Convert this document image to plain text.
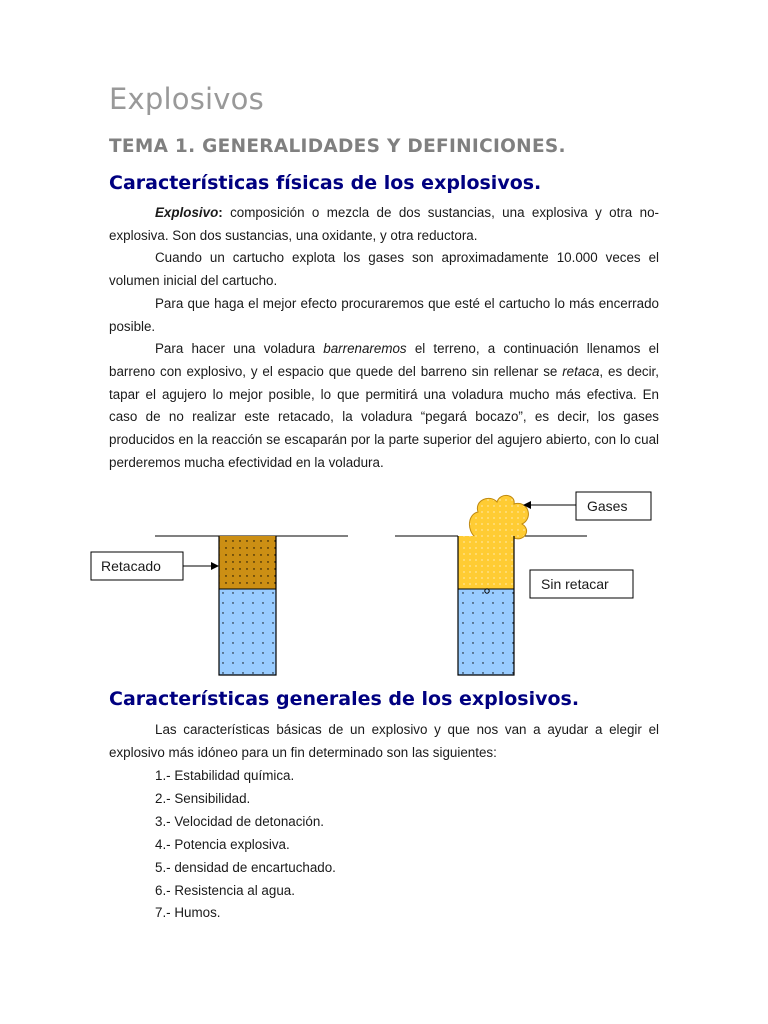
Explosivos
TEMA 1. GENERALIDADES Y DEFINICIONES.
Características físicas de los explosivos.

Explosivo: composición o mezcla de dos sustancias, una explosiva y otra no-explosiva. Son dos sustancias, una oxidante, y otra reductora.

Cuando un cartucho explota los gases son aproximadamente 10.000 veces el volumen inicial del cartucho.

Para que haga el mejor efecto procuraremos que esté el cartucho lo más encerrado posible.

Para hacer una voladura barrenaremos el terreno, a continuación llenamos el barreno con explosivo, y el espacio que quede del barreno sin rellenar se retaca, es decir, tapar el agujero lo mejor posible, lo que permitirá una voladura mucho más efectiva. En caso de no realizar este retacado, la voladura “pegará bocazo”, es decir, los gases producidos en la reacción se escaparán por la parte superior del agujero abierto, con lo cual perderemos mucha efectividad en la voladura.

Retacado
Gases
Sin retacar
Características generales de los explosivos.

Las características básicas de un explosivo y que nos van a ayudar a elegir el explosivo más idóneo para un fin determinado son las siguientes:

1.- Estabilidad química.
2.- Sensibilidad.
3.- Velocidad de detonación.
4.- Potencia explosiva.
5.- densidad de encartuchado.
6.- Resistencia al agua.
7.- Humos.
